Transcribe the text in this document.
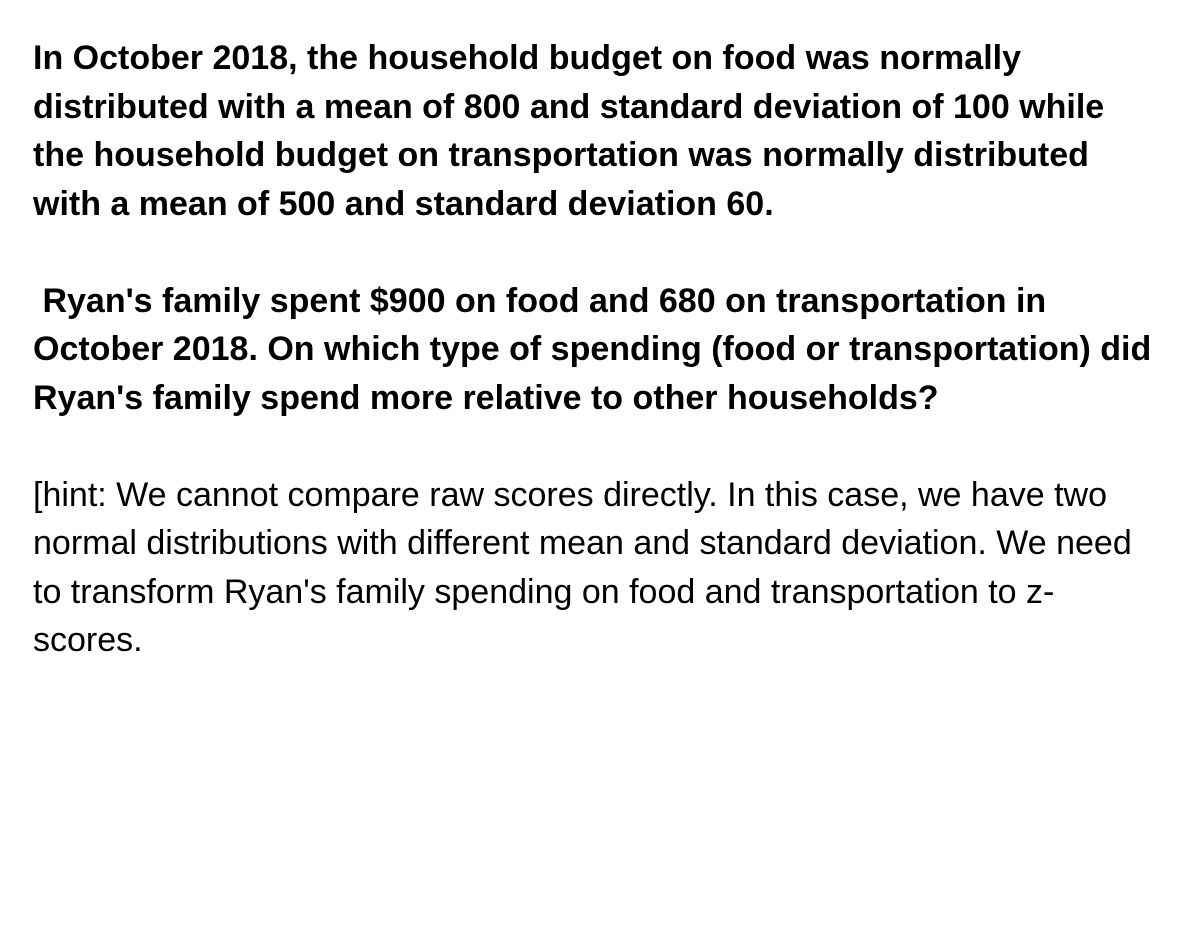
In October 2018, the household budget on food was normally distributed with a mean of 800 and standard deviation of 100 while the household budget on transportation was normally distributed with a mean of 500 and standard deviation 60.

Ryan's family spent $900 on food and 680 on transportation in October 2018. On which type of spending (food or transportation) did Ryan's family spend more relative to other households?

[hint: We cannot compare raw scores directly. In this case, we have two normal distributions with different mean and standard deviation. We need to transform Ryan's family spending on food and transportation to z-scores.
